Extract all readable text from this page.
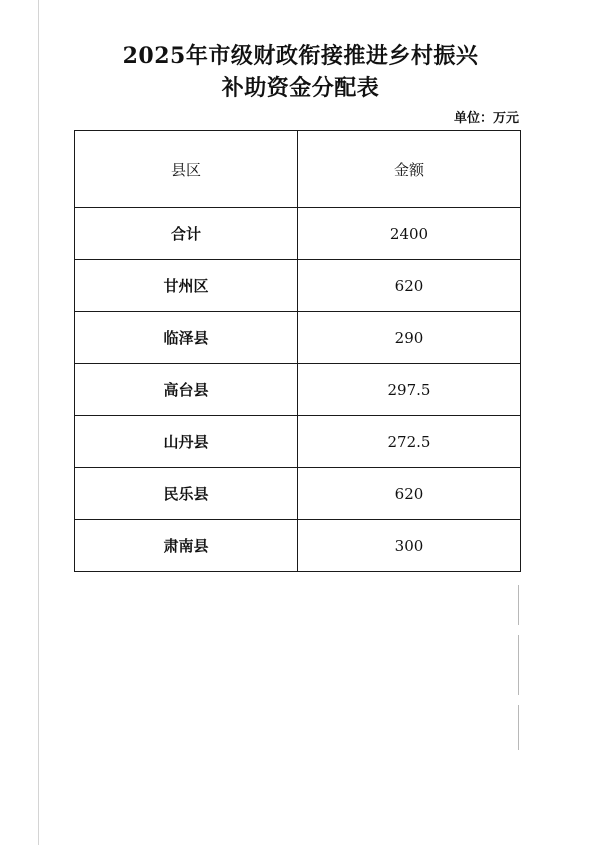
2025年市级财政衔接推进乡村振兴
补助资金分配表
单位：万元
县区	金额
合计	2400
甘州区	620
临泽县	290
高台县	297.5
山丹县	272.5
民乐县	620
肃南县	300
